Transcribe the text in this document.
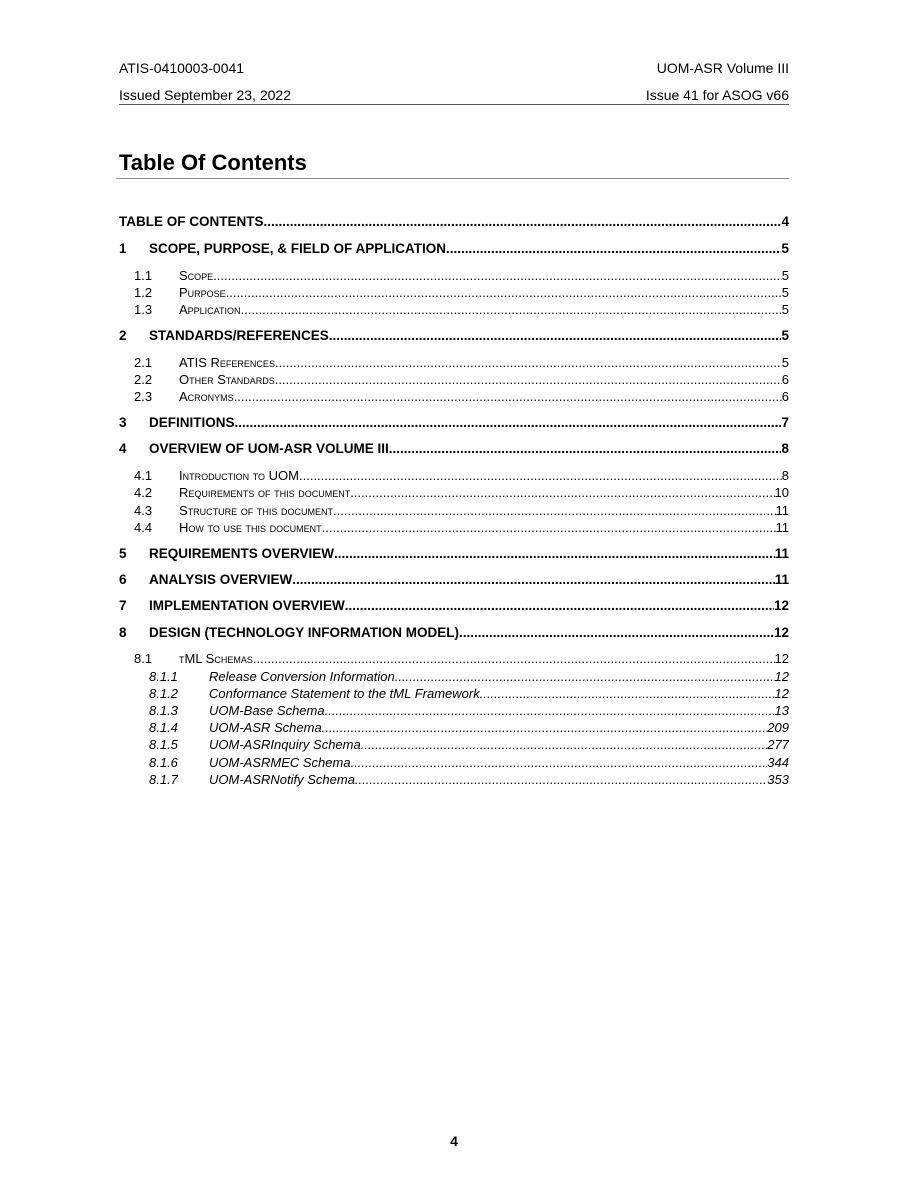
ATIS-0410003-0041	UOM-ASR Volume III
Issued September 23, 2022	Issue 41 for ASOG v66
Table Of Contents
TABLE OF CONTENTS .....	4
1	SCOPE, PURPOSE, & FIELD OF APPLICATION .....	5
1.1	Scope .....	5
1.2	Purpose .....	5
1.3	Application .....	5
2	STANDARDS/REFERENCES .....	5
2.1	ATIS References .....	5
2.2	Other Standards .....	6
2.3	Acronyms .....	6
3	DEFINITIONS .....	7
4	OVERVIEW OF UOM-ASR VOLUME III .....	8
4.1	Introduction to UOM .....	8
4.2	Requirements of this document .....	10
4.3	Structure of this document .....	11
4.4	How to use this document .....	11
5	REQUIREMENTS OVERVIEW .....	11
6	ANALYSIS OVERVIEW .....	11
7	IMPLEMENTATION OVERVIEW .....	12
8	DESIGN (TECHNOLOGY INFORMATION MODEL) .....	12
8.1	tML Schemas .....	12
8.1.1	Release Conversion Information .....	12
8.1.2	Conformance Statement to the tML Framework .....	12
8.1.3	UOM-Base Schema .....	13
8.1.4	UOM-ASR Schema .....	209
8.1.5	UOM-ASRInquiry Schema .....	277
8.1.6	UOM-ASRMEC Schema .....	344
8.1.7	UOM-ASRNotify Schema .....	353
4
